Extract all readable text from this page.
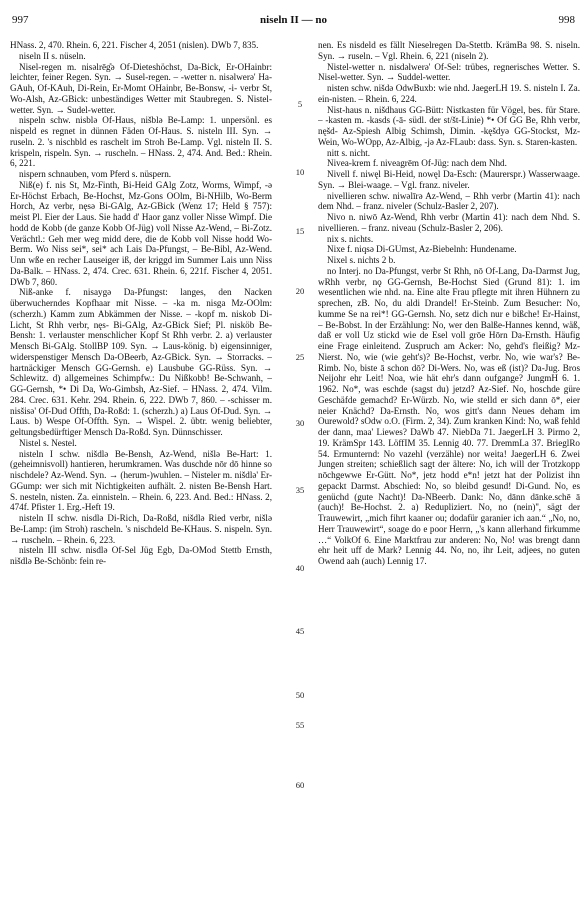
997	niseln II — no	998

HNass. 2, 470. Rhein. 6, 221. Fischer 4, 2051 (nislen). DWb 7, 835.

niseln II s. nüseln.

Nisel-regen m. nisəlrēg̊ə Of-Dieteshöchst, Da-Bick, Er-OHainbr: leichter, feiner Regen. Syn. → Susel-regen. – -wetter n. nisəlwerə' Ha-GAuh, Of-KAuh, Di-Rein, Er-Momt OHainbr, Be-Bonsw, -i- verbr St, Wo-Alsh, Az-GBick: unbeständiges Wetter mit Staubregen. S. Nistel-wetter. Syn. → Sudel-wetter.

nispeln schw. nisblə Of-Haus, nišblə Be-Lamp: 1. unpersönl. es nispeld es regnet in dünnen Fäden Of-Haus. S. nisteln III. Syn. → ruseln. 2. 's nischbld es raschelt im Stroh Be-Lamp. Vgl. nisteln II. S. krispeln, rispeln. Syn. → ruscheln. – HNass. 2, 474. And. Bed.: Rhein. 6, 221.

nispern schnauben, vom Pferd s. nüspern.

Niß(e) f. nis St, Mz-Finth, Bi-Heid GAlg Zotz, Worms, Wimpf, -ə Er-Höchst Erbach, Be-Hochst, Mz-Gons OOlm, Bi-NHilb, Wo-Berm Horch, Az verbr, nęsə Bi-GAlg, Az-GBick (Wenz 17; Held § 757): meist Pl. Eier der Laus. Sie hadd d' Haor ganz voller Nisse Wimpf. Die hodd de Kobb (de ganze Kobb Of-Jüg) voll Nisse Az-Wend, – Bi-Zotz. Verächtl.: Geh mer weg midd dere, die de Kobb voll Nisse hodd Wo-Berm. Wo Niss sei*, sei* ach Lais Da-Pfungst, – Be-Bibl, Az-Wend. Unn wße en recher Lauseiger iß, der kriggd im Summer Lais unn Niss Da-Balk. – HNass. 2, 474. Crec. 631. Rhein. 6, 221f. Fischer 4, 2051. DWb 7, 860.

Niß-anke f. nisaygə Da-Pfungst: langes, den Nacken überwucherndes Kopfhaar mit Nisse. – -ka m. nisga Mz-OOlm: (scherzh.) Kamm zum Abkämmen der Nisse. – -kopf m. niskob Di-Licht, St Rhh verbr, nęs- Bi-GAlg, Az-GBick Sief; Pl. nisköb Be-Bensh: 1. verlauster menschlicher Kopf St Rhh verbr. 2. a) verlauster Mensch Bi-GAlg. StollBP 109. Syn. → Laus-könig. b) eigensinniger, widerspenstiger Mensch Da-OBeerb, Az-GBick. Syn. → Storracks. – hartnäckiger Mensch GG-Gernsh. e) Lausbube GG-Rüss. Syn. → Schlewitz. d) allgemeines Schimpfw.: Du Nißkobb! Be-Schwanh, – GG-Gernsh, *• Di Da, Wo-Gimbsh, Az-Sief. – HNass. 2, 474. Vilm. 284. Crec. 631. Kehr. 294. Rhein. 6, 222. DWb 7, 860. – -schisser m. nisšisə' Of-Dud Offth, Da-Roßd: 1. (scherzh.) a) Laus Of-Dud. Syn. → Laus. b) Wespe Of-Offth. Syn. → Wispel. 2. übtr. wenig beliebter, geltungsbedürftiger Mensch Da-Roßd. Syn. Dünnschisser.

Nistel s. Nestel.

nisteln I schw. nišdlə Be-Bensh, Az-Wend, nišlə Be-Hart: 1. (geheimnisvoll) hantieren, herumkramen. Was duschde nōr dō hinne so nischdele? Az-Wend. Syn. → (herum-)wuhlen. – Nisteler m. nišdlə' Er-GGump: wer sich mit Nichtigkeiten aufhält. 2. nisten Be-Bensh Hart. S. nesteln, nisten. Za. einnisteln. – Rhein. 6, 223. And. Bed.: HNass. 2, 474f. Pfister 1. Erg.-Heft 19.

nisteln II schw. nisdlə Di-Rich, Da-Roßd, nišdlə Ried verbr, nišlə Be-Lamp: (im Stroh) rascheln. 's nischdeld Be-KHaus. S. nispeln. Syn. → ruscheln. – Rhein. 6, 223.

nisteln III schw. nisdlə Of-Sel Jüg Egb, Da-OMod Stettb Ernsth, nišdlə Be-Schönb: fein re-

5
10
15
20
25
30
35
40
45
50
55
60

nen. Es nisdeld es fällt Nieselregen Da-Stettb. KrämBa 98. S. niseln. Syn. → ruseln. – Vgl. Rhein. 6, 221 (niseln 2).

Nistel-wetter n. nisdəlwerə' Of-Sel: trübes, regnerisches Wetter. S. Nisel-wetter. Syn. → Suddel-wetter.

nisten schw. nišdə OdwBuxb: wie nhd. JaegerLH 19. S. nisteln I. Za. ein-nisten. – Rhein. 6, 224.

Nist-haus n. nišdhaus GG-Bütt: Nistkasten für Vögel, bes. für Stare. – -kasten m. -kasds (-ā- südl. der st/št-Linie) *• Of GG Be, Rhh verbr, nęšd- Az-Spiesh Albig Schimsh, Dimin. -kęšdyə GG-Stockst, Mz-Wein, Wo-WOpp, Az-Albig, -jə Az-FLaub: dass. Syn. s. Staren-kasten.

nitt s. nicht.

Nivea-krem f. niveagrēm Of-Jüg: nach dem Nhd.

Nivell f. niwęl Bi-Heid, nowęl Da-Esch: (Maurerspr.) Wasserwaage. Syn. → Blei-waage. – Vgl. franz. niveler.

nivellieren schw. niwəlīrə Az-Wend, – Rhh verbr (Martin 41): nach dem Nhd. – franz. niveler (Schulz-Basler 2, 207).

Nivo n. niwō Az-Wend, Rhh verbr (Martin 41): nach dem Nhd. S. nivellieren. – franz. niveau (Schulz-Basler 2, 206).

nix s. nichts.

Nixe f. niqsə Di-GUmst, Az-Biebelnh: Hundename.

Nixel s. nichts 2 b.

no Interj. no Da-Pfungst, verbr St Rhh, nō Of-Lang, Da-Darmst Jug, wRhh verbr, nǫ GG-Gernsh, Be-Hochst Sied (Grund 81): 1. im wesentlichen wie nhd. na. Eine alte Frau pflegte mit ihren Hühnern zu sprechen, zB. No, du aldi Drandel! Er-Steinb. Zum Besucher: No, kumme Se na rei*! GG-Gernsh. No, setz dich nur e bißche! Er-Hainst, – Be-Bobst. In der Erzählung: No, wer den Balße-Hannes kennd, wäß, daß er voll Uz stickd wie de Esel voll grōe Hōrn Da-Ernsth. Häufig eine Frage einleitend. Zuspruch am Acker: No, gehd's fleißig? Mz-Nierst. No, wie (wie geht's)? Be-Hochst, verbr. No, wie war's? Be-Rimb. No, biste ā schon dō? Di-Wers. No, was eß (ist)? Da-Jug. Bros Neijohr ehr Leit! Noa, wie hät ehr's dann oufgange? JungmH 6. 1. 1962. No*, was eschde (sagst du) jetzd? Az-Sief. No, hoschde güre Geschäfde gemachd? Er-Würzb. No, wie stelld er sich dann ō*, eier neier Knächd? Da-Ernsth. No, wos gitt's dann Neues deham im Ourewold? sOdw o.O. (Firm. 2, 34). Zum kranken Kind: No, waß fehld der dann, maa' Liewes? DaWb 47. NiebDa 71. JaegerLH 3. Pirmo 2, 19. KrämSpr 143. LöffIM 35. Lennig 40. 77. DremmLa 37. BrieglRo 54. Ermunternd: No vazehl (verzähle) nor weita! JaegerLH 6. Zwei Jungen streiten; schießlich sagt der ältere: No, ich will der Trotzkopp nōchgewwe Er-Gütt. No*, jetz hodd e*n! jetzt hat der Polizist ihn gepackt Darmst. Abschied: No, so bleibd gesund! Di-Gund. No, es genüchd (gute Nacht)! Da-NBeerb. Dank: No, dānn dānke.schē ā (auch)! Be-Hochst. 2. a) Redupliziert. No, no (nein)'', sägt der Trauwewirt, „mich fihrt kaaner ou; dodafür garanier ich aan.“ „No, no, Herr Trauwewirt“, soage do e poor Herrn, „'s kann allerhand firkumme …“ VolkOf 6. Eine Marktfrau zur anderen: No, No! was brengt dann ehr heit uff de Mark? Lennig 44. No, no, ihr Leit, adjees, no guten Owend aah (auch) Lennig 17.
